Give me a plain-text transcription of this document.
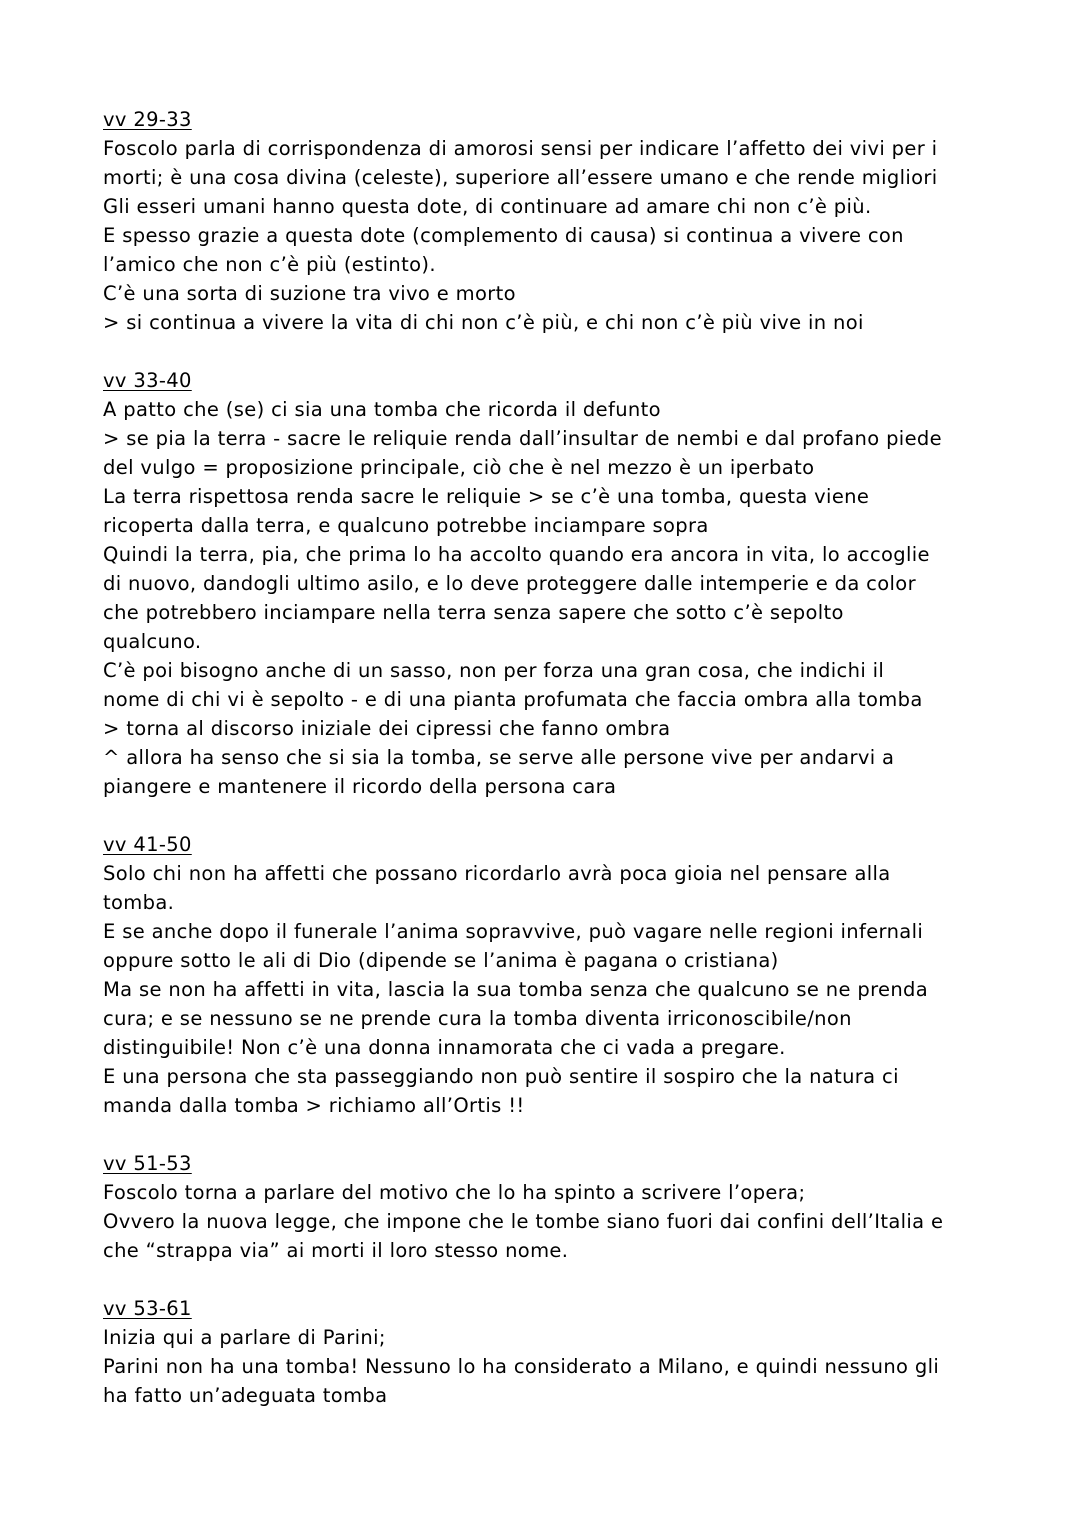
vv 29-33
Foscolo parla di corrispondenza di amorosi sensi per indicare l’affetto dei vivi per i
morti; è una cosa divina (celeste), superiore all’essere umano e che rende migliori
Gli esseri umani hanno questa dote, di continuare ad amare chi non c’è più.
E spesso grazie a questa dote (complemento di causa) si continua a vivere con
l’amico che non c’è più (estinto).
C’è una sorta di suzione tra vivo e morto
> si continua a vivere la vita di chi non c’è più, e chi non c’è più vive in noi
vv 33-40
A patto che (se) ci sia una tomba che ricorda il defunto
> se pia la terra - sacre le reliquie renda dall’insultar de nembi e dal profano piede
del vulgo = proposizione principale, ciò che è nel mezzo è un iperbato
La terra rispettosa renda sacre le reliquie > se c’è una tomba, questa viene
ricoperta dalla terra, e qualcuno potrebbe inciampare sopra
Quindi la terra, pia, che prima lo ha accolto quando era ancora in vita, lo accoglie
di nuovo, dandogli ultimo asilo, e lo deve proteggere dalle intemperie e da color
che potrebbero inciampare nella terra senza sapere che sotto c’è sepolto
qualcuno.
C’è poi bisogno anche di un sasso, non per forza una gran cosa, che indichi il
nome di chi vi è sepolto - e di una pianta profumata che faccia ombra alla tomba
> torna al discorso iniziale dei cipressi che fanno ombra
^ allora ha senso che si sia la tomba, se serve alle persone vive per andarvi a
piangere e mantenere il ricordo della persona cara
vv 41-50
Solo chi non ha affetti che possano ricordarlo avrà poca gioia nel pensare alla
tomba.
E se anche dopo il funerale l’anima sopravvive, può vagare nelle regioni infernali
oppure sotto le ali di Dio (dipende se l’anima è pagana o cristiana)
Ma se non ha affetti in vita, lascia la sua tomba senza che qualcuno se ne prenda
cura; e se nessuno se ne prende cura la tomba diventa irriconoscibile/non
distinguibile! Non c’è una donna innamorata che ci vada a pregare.
E una persona che sta passeggiando non può sentire il sospiro che la natura ci
manda dalla tomba > richiamo all’Ortis !!
vv 51-53
Foscolo torna a parlare del motivo che lo ha spinto a scrivere l’opera;
Ovvero la nuova legge, che impone che le tombe siano fuori dai confini dell’Italia e
che “strappa via” ai morti il loro stesso nome.
vv 53-61
Inizia qui a parlare di Parini;
Parini non ha una tomba! Nessuno lo ha considerato a Milano, e quindi nessuno gli
ha fatto un’adeguata tomba
